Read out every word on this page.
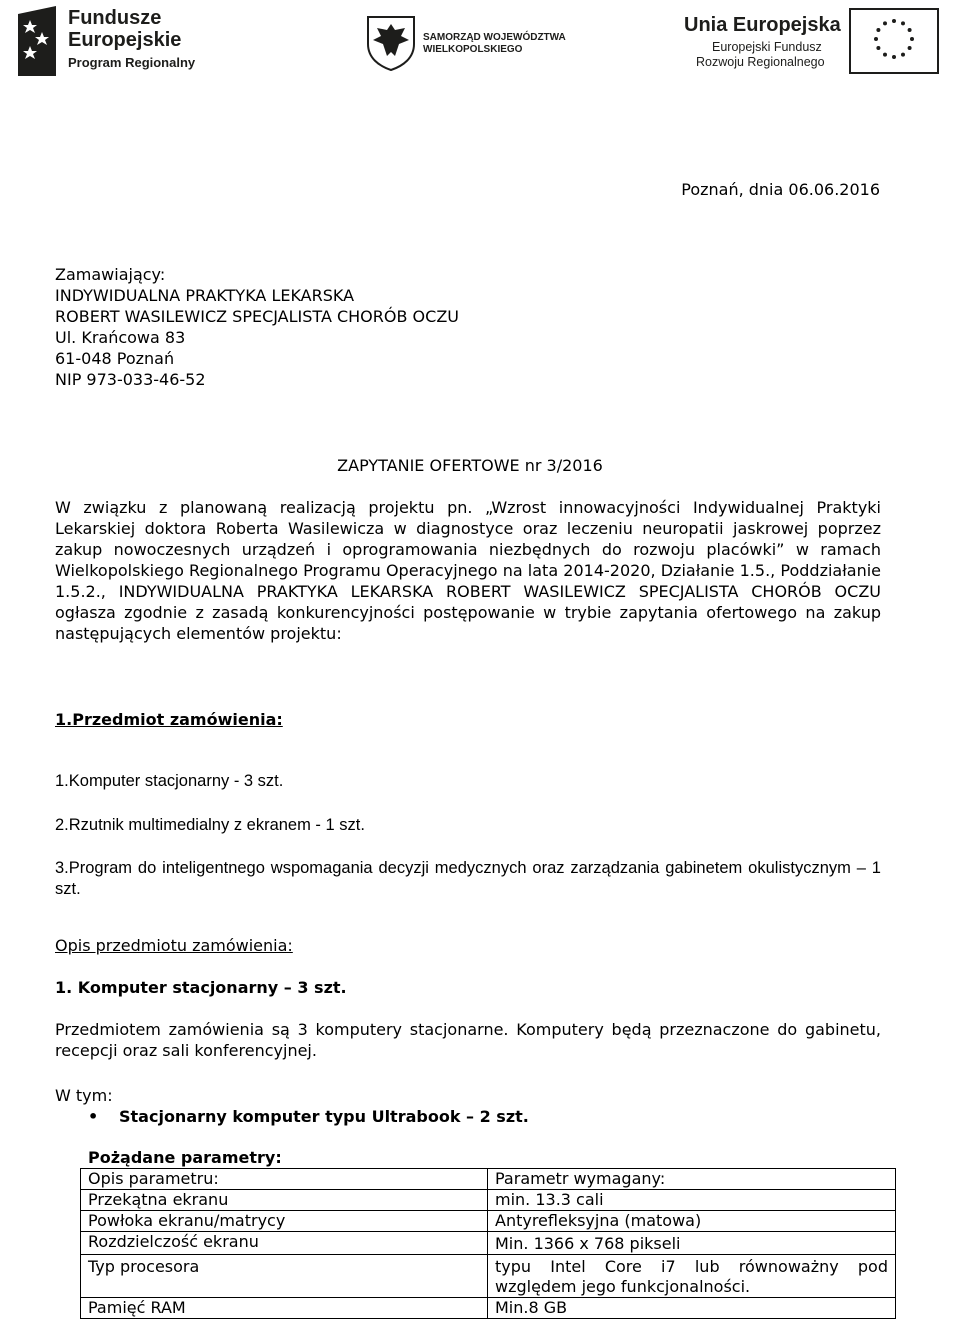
Fundusze
Europejskie
Program Regionalny
SAMORZĄD WOJEWÓDZTWA
WIELKOPOLSKIEGO
Unia Europejska
Europejski Fundusz
Rozwoju Regionalnego
Poznań, dnia 06.06.2016
Zamawiający:
INDYWIDUALNA PRAKTYKA LEKARSKA
ROBERT WASILEWICZ SPECJALISTA CHORÓB OCZU
Ul. Krańcowa 83
61-048 Poznań
NIP 973-033-46-52
ZAPYTANIE OFERTOWE nr 3/2016
W związku z planowaną realizacją projektu pn. „Wzrost innowacyjności Indywidualnej Praktyki Lekarskiej doktora Roberta Wasilewicza w diagnostyce oraz leczeniu neuropatii jaskrowej poprzez zakup nowoczesnych urządzeń i oprogramowania niezbędnych do rozwoju placówki” w ramach Wielkopolskiego Regionalnego Programu Operacyjnego na lata 2014-2020, Działanie 1.5., Poddziałanie 1.5.2., INDYWIDUALNA PRAKTYKA LEKARSKA ROBERT WASILEWICZ SPECJALISTA CHORÓB OCZU ogłasza zgodnie z zasadą konkurencyjności postępowanie w trybie zapytania ofertowego na zakup następujących elementów projektu:
1.Przedmiot zamówienia:
1.Komputer stacjonarny - 3 szt.
2.Rzutnik multimedialny z ekranem - 1 szt.
3.Program do inteligentnego wspomagania decyzji medycznych oraz zarządzania gabinetem okulistycznym – 1 szt.
Opis przedmiotu zamówienia:
1. Komputer stacjonarny – 3 szt.
Przedmiotem zamówienia są 3 komputery stacjonarne. Komputery będą przeznaczone do gabinetu, recepcji oraz sali konferencyjnej.
W tym:
• Stacjonarny komputer typu Ultrabook – 2 szt.
Pożądane parametry:
Opis parametru:	Parametr wymagany:
Przekątna ekranu	min. 13.3 cali
Powłoka ekranu/matrycy	Antyrefleksyjna (matowa)
Rozdzielczość ekranu	Min. 1366 x 768 pikseli
Typ procesora	typu Intel Core i7 lub równoważny pod względem jego funkcjonalności.
Pamięć RAM	Min.8 GB
